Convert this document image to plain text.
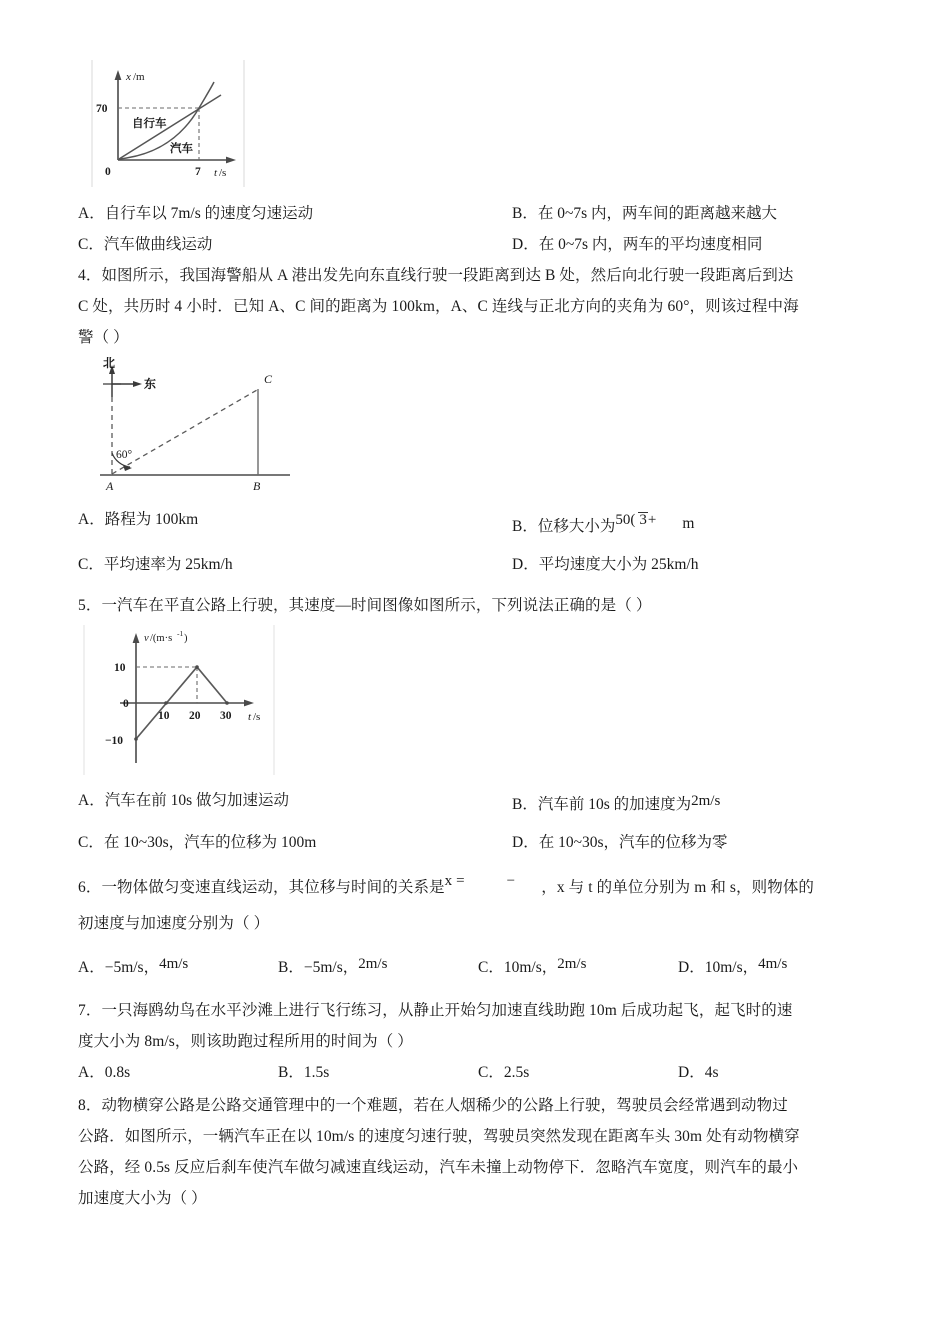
x /m
70
0	7 t /s
自行车
汽车
A．自行车以 7m/s 的速度匀速运动	B．在 0~7s 内，两车间的距离越来越大
C．汽车做曲线运动	D．在 0~7s 内，两车的平均速度相同
4．如图所示，我国海警船从 A 港出发先向东直线行驶一段距离到达 B 处，然后向北行驶一段距离后到达
C 处，共历时 4 小时．已知 A、C 间的距离为 100km，A、C 连线与正北方向的夹角为 60°，则该过程中海
警（ ）
北
东
60°
A	B
C
A．路程为 100km	B．位移大小为50( 3+ m
C．平均速率为 25km/h	D．平均速度大小为 25km/h
5．一汽车在平直公路上行驶，其速度—时间图像如图所示，下列说法正确的是（ ）
v /(m·s -1 )
10
0
−10
10 20 30 t /s
A．汽车在前 10s 做匀加速运动	B．汽车前 10s 的加速度为2m/s
C．在 10~30s，汽车的位移为 100m	D．在 10~30s，汽车的位移为零
6．一物体做匀变速直线运动，其位移与时间的关系是x =	− ，x 与 t 的单位分别为 m 和 s，则物体的
初速度与加速度分别为（ ）
A．−5m/s，4m/s	B．−5m/s，2m/s	C．10m/s，2m/s	D．10m/s，4m/s
7．一只海鸥幼鸟在水平沙滩上进行飞行练习，从静止开始匀加速直线助跑 10m 后成功起飞，起飞时的速
度大小为 8m/s，则该助跑过程所用的时间为（ ）
A．0.8s	B．1.5s	C．2.5s	D．4s
8．动物横穿公路是公路交通管理中的一个难题，若在人烟稀少的公路上行驶，驾驶员会经常遇到动物过
公路．如图所示，一辆汽车正在以 10m/s 的速度匀速行驶，驾驶员突然发现在距离车头 30m 处有动物横穿
公路，经 0.5s 反应后刹车使汽车做匀减速直线运动，汽车未撞上动物停下．忽略汽车宽度，则汽车的最小
加速度大小为（ ）
